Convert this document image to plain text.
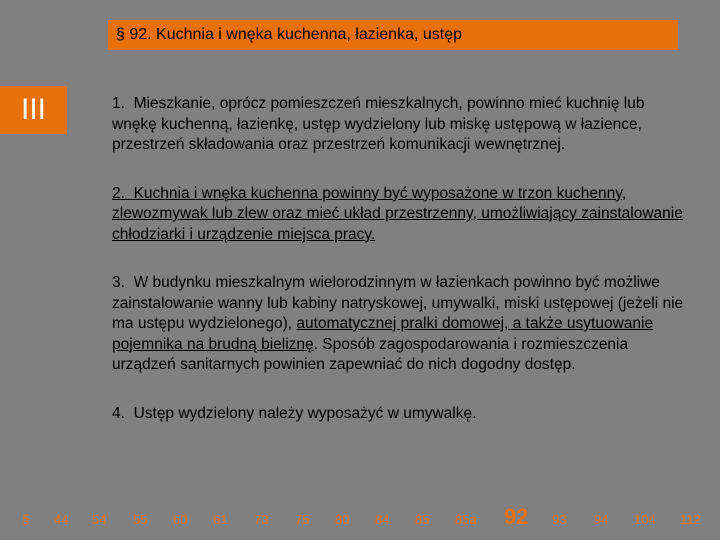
§ 92. Kuchnia i wnęka kuchenna, łazienka, ustęp
III	1. Mieszkanie, oprócz pomieszczeń mieszkalnych, powinno mieć kuchnię lub wnękę kuchenną, łazienkę, ustęp wydzielony lub miskę ustępową w łazience, przestrzeń składowania oraz przestrzeń komunikacji wewnętrznej.

2. Kuchnia i wnęka kuchenna powinny być wyposażone w trzon kuchenny, zlewozmywak lub zlew oraz mieć układ przestrzenny, umożliwiający zainstalowanie chłodziarki i urządzenie miejsca pracy.

3. W budynku mieszkalnym wielorodzinnym w łazienkach powinno być możliwe zainstalowanie wanny lub kabiny natryskowej, umywalki, miski ustępowej (jeżeli nie ma ustępu wydzielonego), automatycznej pralki domowej, a także usytuowanie pojemnika na brudną bieliznę. Sposób zagospodarowania i rozmieszczenia urządzeń sanitarnych powinien zapewniać do nich dogodny dostęp.

4. Ustęp wydzielony należy wyposażyć w umywalkę.

§ 44 54 55 60 61 73 75 80 84 85 85a 92 93 94 104 112
